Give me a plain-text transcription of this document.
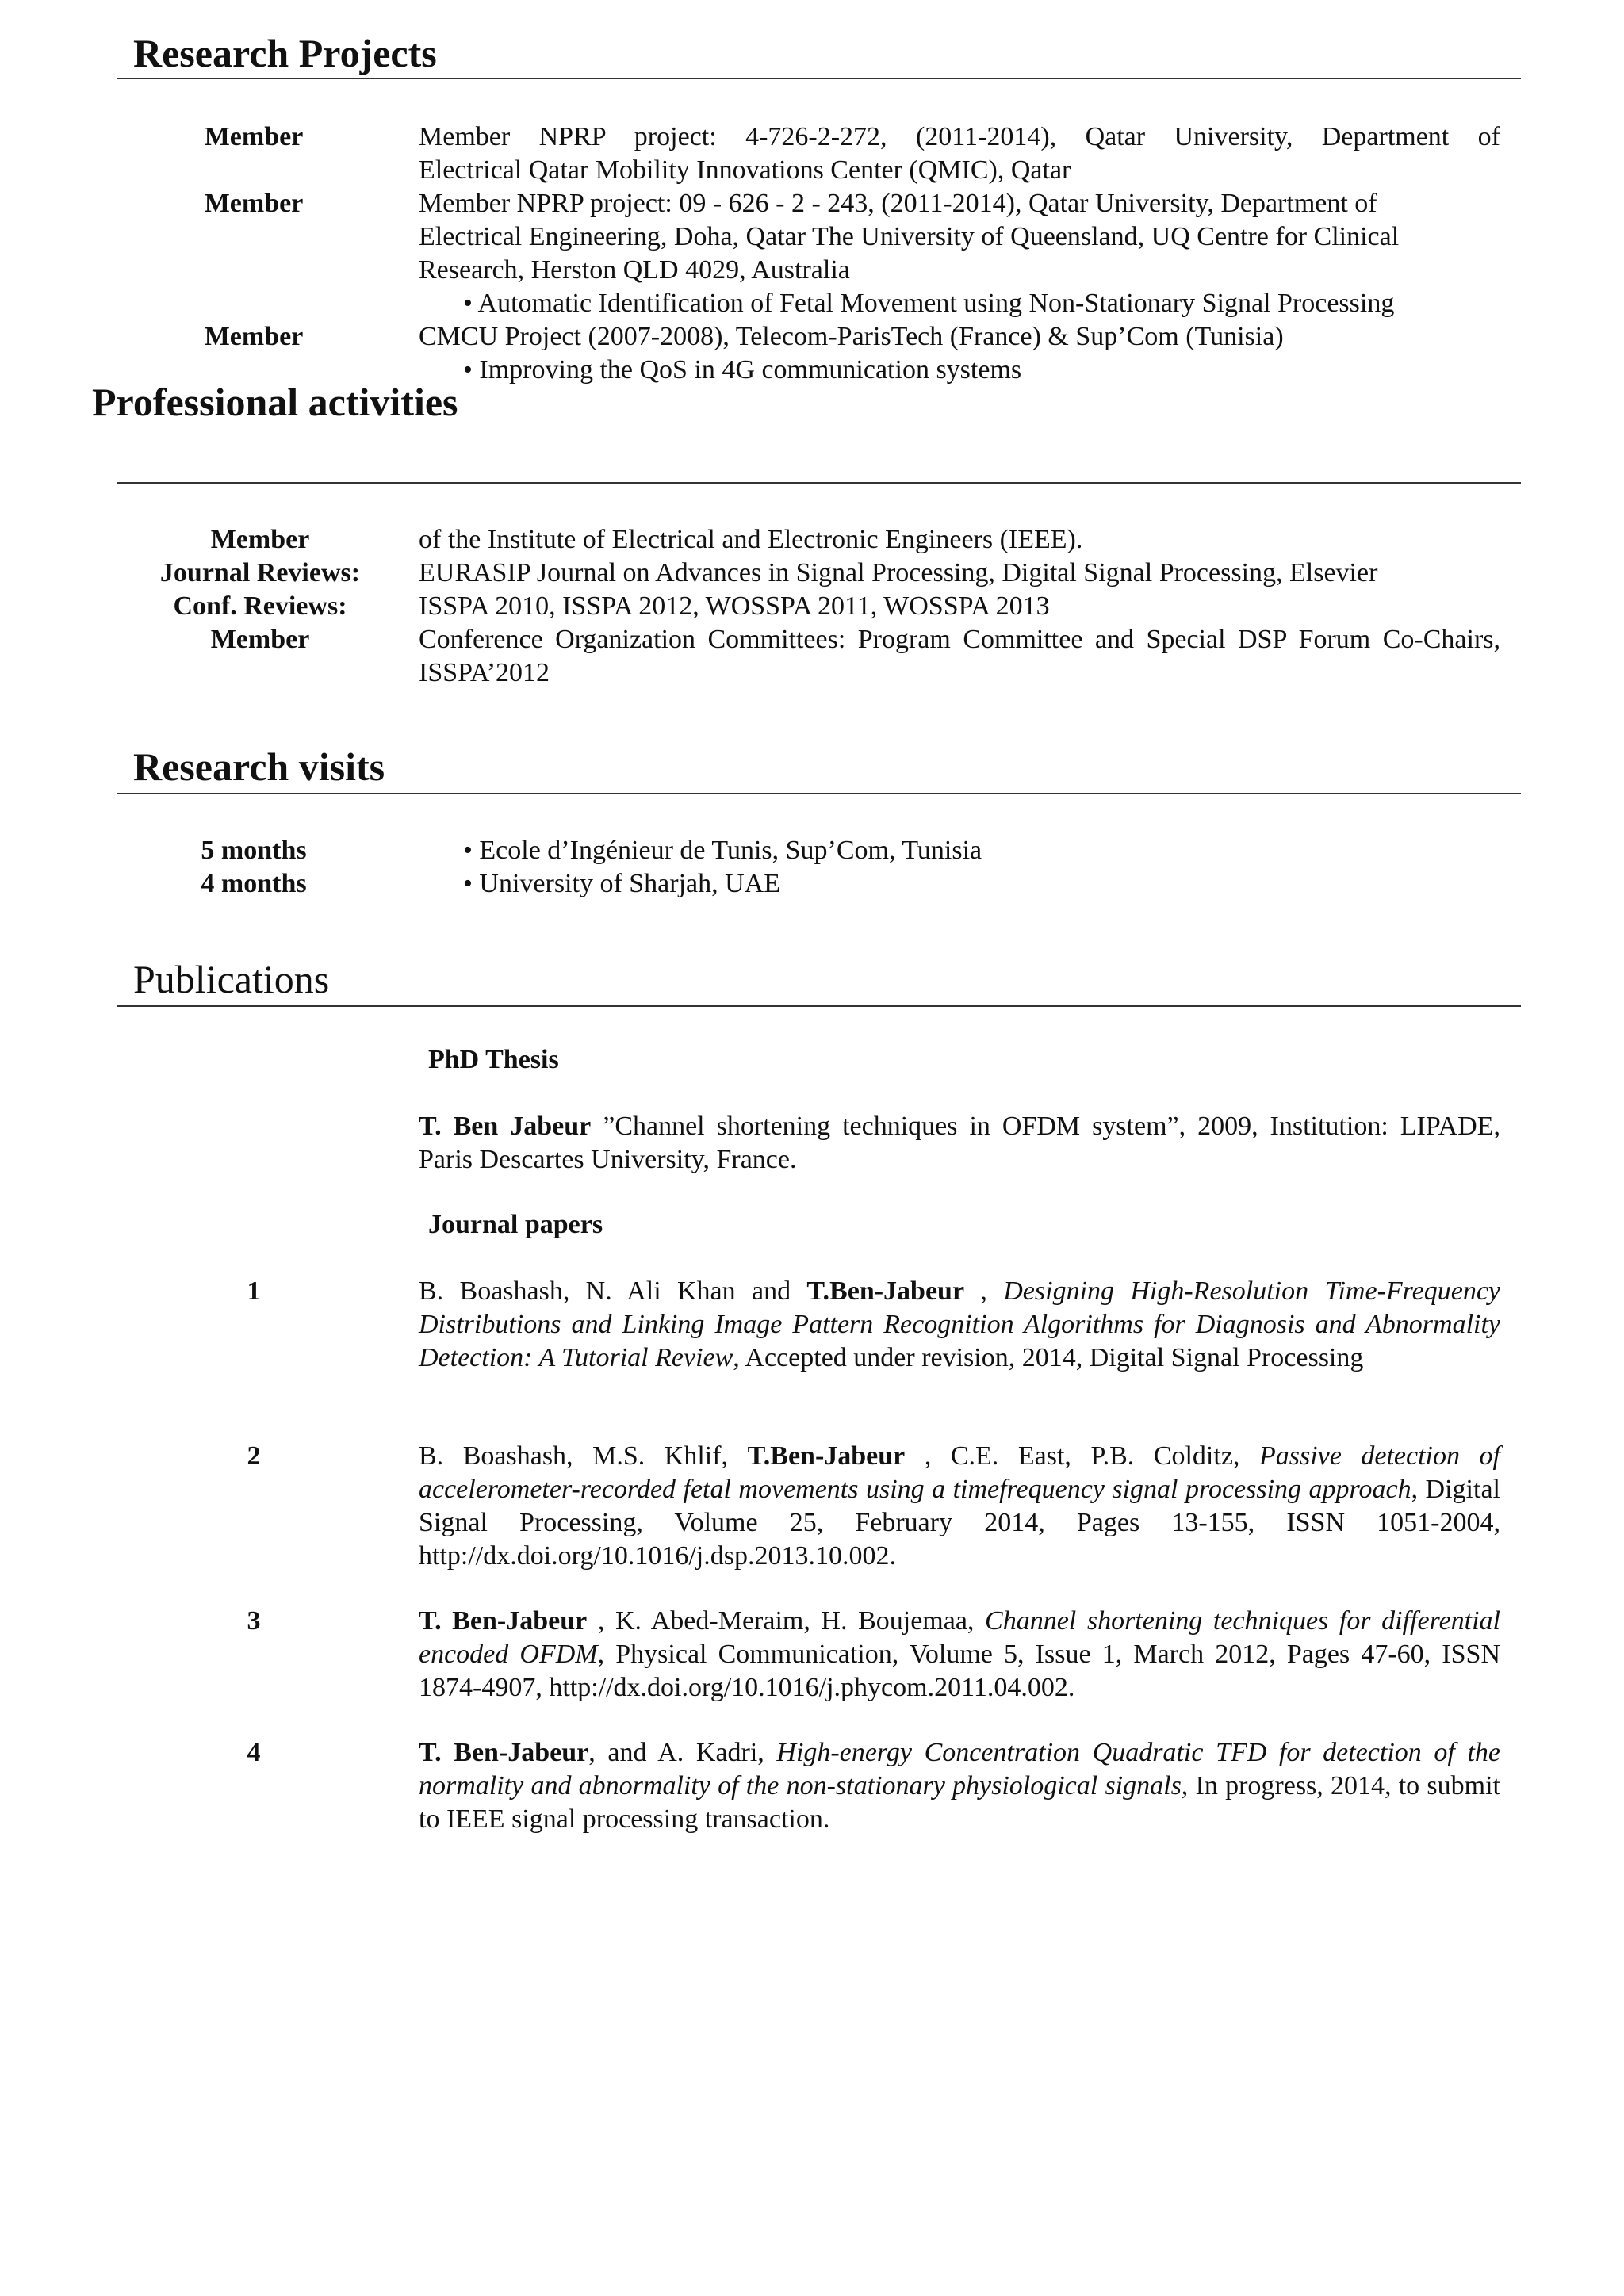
Research Projects
Member	Member NPRP project: 4-726-2-272, (2011-2014), Qatar University, Department of
Electrical Qatar Mobility Innovations Center (QMIC), Qatar
Member	Member NPRP project: 09 - 626 - 2 - 243, (2011-2014), Qatar University, Department of
Electrical Engineering, Doha, Qatar The University of Queensland, UQ Centre for Clinical
Research, Herston QLD 4029, Australia
• Automatic Identification of Fetal Movement using Non-Stationary Signal Processing
Member	CMCU Project (2007-2008), Telecom-ParisTech (France) & Sup’Com (Tunisia)
• Improving the QoS in 4G communication systems
Professional activities
Member	of the Institute of Electrical and Electronic Engineers (IEEE).
Journal Reviews:	EURASIP Journal on Advances in Signal Processing, Digital Signal Processing, Elsevier
Conf. Reviews:	ISSPA 2010, ISSPA 2012, WOSSPA 2011, WOSSPA 2013
Member	Conference Organization Committees: Program Committee and Special DSP Forum Co-Chairs, ISSPA’2012
Research visits
5 months	• Ecole d’Ingénieur de Tunis, Sup’Com, Tunisia
4 months	• University of Sharjah, UAE
Publications
PhD Thesis
T. Ben Jabeur ”Channel shortening techniques in OFDM system”, 2009, Institution: LIPADE, Paris Descartes University, France.
Journal papers
1	B. Boashash, N. Ali Khan and T.Ben-Jabeur , Designing High-Resolution Time-Frequency Distributions and Linking Image Pattern Recognition Algorithms for Diagnosis and Abnormality Detection: A Tutorial Review, Accepted under revision, 2014, Digital Signal Processing
2	B. Boashash, M.S. Khlif, T.Ben-Jabeur , C.E. East, P.B. Colditz, Passive detection of accelerometer-recorded fetal movements using a timefrequency signal processing approach, Digital Signal Processing, Volume 25, February 2014, Pages 13-155, ISSN 1051-2004, http://dx.doi.org/10.1016/j.dsp.2013.10.002.
3	T. Ben-Jabeur , K. Abed-Meraim, H. Boujemaa, Channel shortening techniques for differential encoded OFDM, Physical Communication, Volume 5, Issue 1, March 2012, Pages 47-60, ISSN 1874-4907, http://dx.doi.org/10.1016/j.phycom.2011.04.002.
4	T. Ben-Jabeur, and A. Kadri, High-energy Concentration Quadratic TFD for detection of the normality and abnormality of the non-stationary physiological signals, In progress, 2014, to submit to IEEE signal processing transaction.
